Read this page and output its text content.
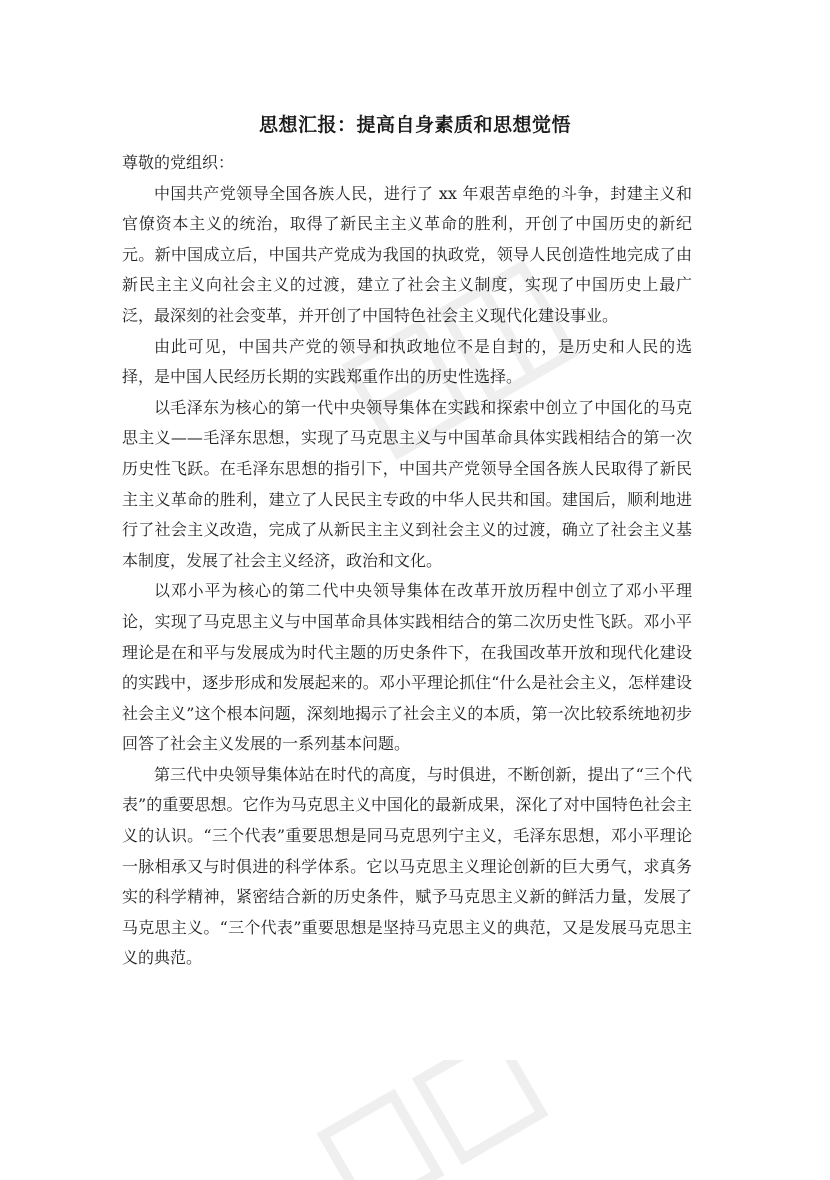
思想汇报：提高自身素质和思想觉悟

尊敬的党组织：

中国共产党领导全国各族人民，进行了 xx 年艰苦卓绝的斗争，封建主义和官僚资本主义的统治，取得了新民主主义革命的胜利，开创了中国历史的新纪元。新中国成立后，中国共产党成为我国的执政党，领导人民创造性地完成了由新民主主义向社会主义的过渡，建立了社会主义制度，实现了中国历史上最广泛，最深刻的社会变革，并开创了中国特色社会主义现代化建设事业。

由此可见，中国共产党的领导和执政地位不是自封的，是历史和人民的选择，是中国人民经历长期的实践郑重作出的历史性选择。

以毛泽东为核心的第一代中央领导集体在实践和探索中创立了中国化的马克思主义——毛泽东思想，实现了马克思主义与中国革命具体实践相结合的第一次历史性飞跃。在毛泽东思想的指引下，中国共产党领导全国各族人民取得了新民主主义革命的胜利，建立了人民民主专政的中华人民共和国。建国后，顺利地进行了社会主义改造，完成了从新民主主义到社会主义的过渡，确立了社会主义基本制度，发展了社会主义经济，政治和文化。

以邓小平为核心的第二代中央领导集体在改革开放历程中创立了邓小平理论，实现了马克思主义与中国革命具体实践相结合的第二次历史性飞跃。邓小平理论是在和平与发展成为时代主题的历史条件下，在我国改革开放和现代化建设的实践中，逐步形成和发展起来的。邓小平理论抓住“什么是社会主义，怎样建设社会主义”这个根本问题，深刻地揭示了社会主义的本质，第一次比较系统地初步回答了社会主义发展的一系列基本问题。

第三代中央领导集体站在时代的高度，与时俱进，不断创新，提出了“三个代表”的重要思想。它作为马克思主义中国化的最新成果，深化了对中国特色社会主义的认识。“三个代表”重要思想是同马克思列宁主义，毛泽东思想，邓小平理论一脉相承又与时俱进的科学体系。它以马克思主义理论创新的巨大勇气，求真务实的科学精神，紧密结合新的历史条件，赋予马克思主义新的鲜活力量，发展了马克思主义。“三个代表”重要思想是坚持马克思主义的典范，又是发展马克思主义的典范。
